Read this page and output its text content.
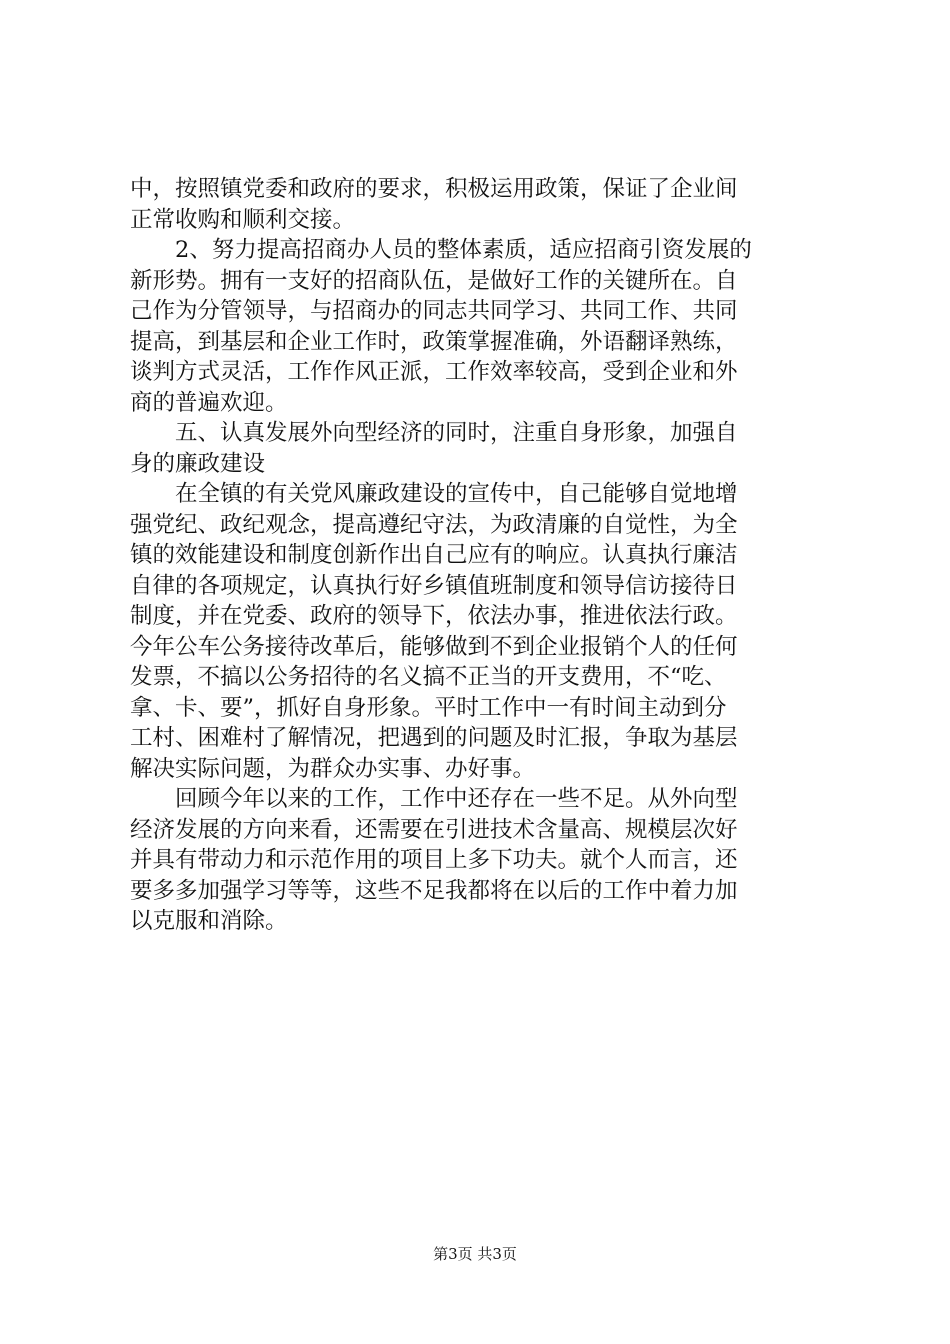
中，按照镇党委和政府的要求，积极运用政策，保证了企业间
正常收购和顺利交接。
2、努力提高招商办人员的整体素质，适应招商引资发展的
新形势。拥有一支好的招商队伍，是做好工作的关键所在。自
己作为分管领导，与招商办的同志共同学习、共同工作、共同
提高，到基层和企业工作时，政策掌握准确，外语翻译熟练，
谈判方式灵活，工作作风正派，工作效率较高，受到企业和外
商的普遍欢迎。
五、认真发展外向型经济的同时，注重自身形象，加强自
身的廉政建设
在全镇的有关党风廉政建设的宣传中，自己能够自觉地增
强党纪、政纪观念，提高遵纪守法，为政清廉的自觉性，为全
镇的效能建设和制度创新作出自己应有的响应。认真执行廉洁
自律的各项规定，认真执行好乡镇值班制度和领导信访接待日
制度，并在党委、政府的领导下，依法办事，推进依法行政。
今年公车公务接待改革后，能够做到不到企业报销个人的任何
发票，不搞以公务招待的名义搞不正当的开支费用，不“吃、
拿、卡、要”，抓好自身形象。平时工作中一有时间主动到分
工村、困难村了解情况，把遇到的问题及时汇报，争取为基层
解决实际问题，为群众办实事、办好事。
回顾今年以来的工作，工作中还存在一些不足。从外向型
经济发展的方向来看，还需要在引进技术含量高、规模层次好
并具有带动力和示范作用的项目上多下功夫。就个人而言，还
要多多加强学习等等，这些不足我都将在以后的工作中着力加
以克服和消除。
第3页 共3页
